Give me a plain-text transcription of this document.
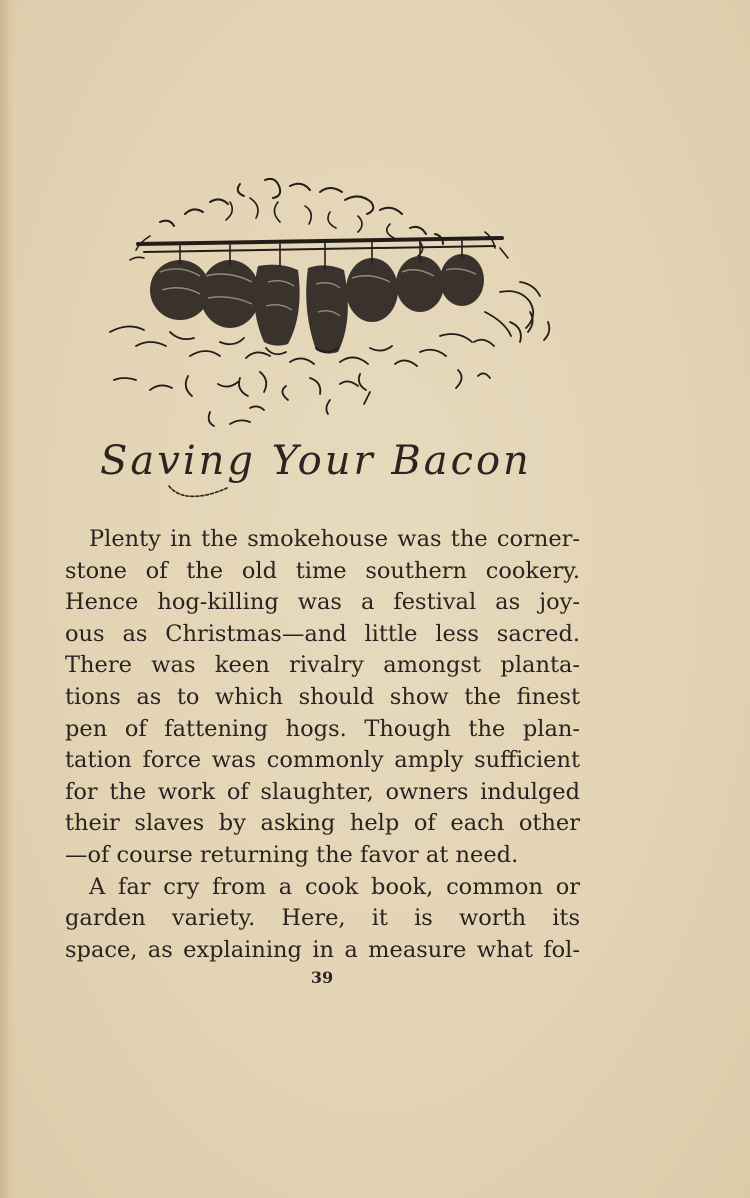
Saving Your Bacon
Plenty in the smokehouse was the corner-
stone of the old time southern cookery.
Hence hog-killing was a festival as joy-
ous as Christmas—and little less sacred.
There was keen rivalry amongst planta-
tions as to which should show the finest
pen of fattening hogs. Though the plan-
tation force was commonly amply sufficient
for the work of slaughter, owners indulged
their slaves by asking help of each other
—of course returning the favor at need.
A far cry from a cook book, common or
garden variety. Here, it is worth its
space, as explaining in a measure what fol-
39
